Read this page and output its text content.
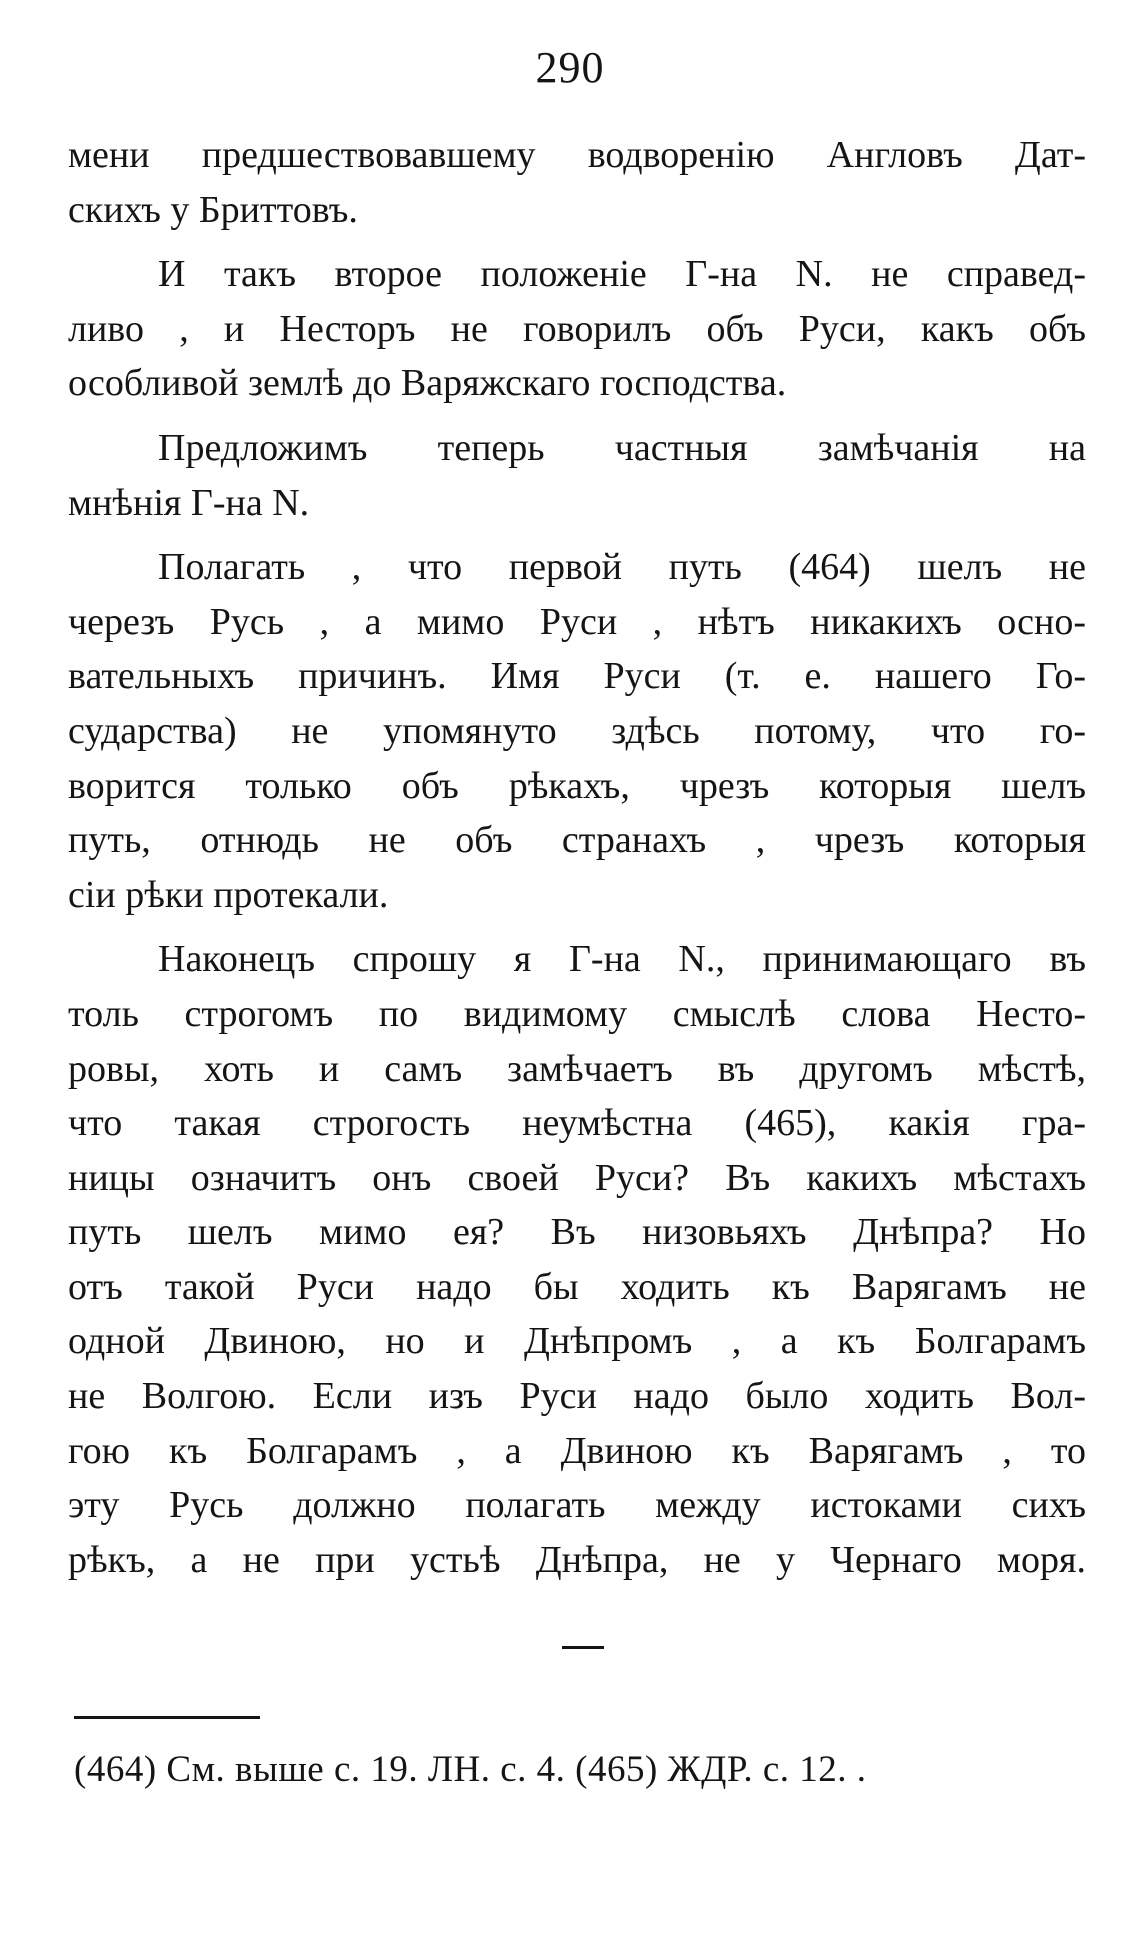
290
мени предшествовавшему водворенію Англовъ Дат-
скихъ у Бриттовъ.
И такъ второе положеніе Г-на N. не справед-
ливо , и Несторъ не говорилъ объ Руси, какъ объ
особливой землѣ до Варяжскаго господства.
Предложимъ теперь частныя замѣчанія на
мнѣнія Г-на N.
Полагать , что первой путь (464) шелъ не
черезъ Русь , а мимо Руси , нѣтъ никакихъ осно-
вательныхъ причинъ. Имя Руси (т. е. нашего Го-
сударства) не упомянуто здѣсь потому, что го-
ворится только объ рѣкахъ, чрезъ которыя шелъ
путь, отнюдь не объ странахъ , чрезъ которыя
сіи рѣки протекали.
Наконецъ спрошу я Г-на N., принимающаго въ
толь строгомъ по видимому смыслѣ слова Несто-
ровы, хоть и самъ замѣчаетъ въ другомъ мѣстѣ,
что такая строгость неумѣстна (465), какія гра-
ницы означитъ онъ своей Руси? Въ какихъ мѣстахъ
путь шелъ мимо ея? Въ низовьяхъ Днѣпра? Но
отъ такой Руси надо бы ходить къ Варягамъ не
одной Двиною, но и Днѣпромъ , а къ Болгарамъ
не Волгою. Если изъ Руси надо было ходить Вол-
гою къ Болгарамъ , а Двиною къ Варягамъ , то
эту Русь должно полагать между истоками сихъ
рѣкъ, а не при устьѣ Днѣпра, не у Чернаго моря.
(464) См. выше с. 19. ЛН. с. 4. (465) ЖДР. с. 12. .
